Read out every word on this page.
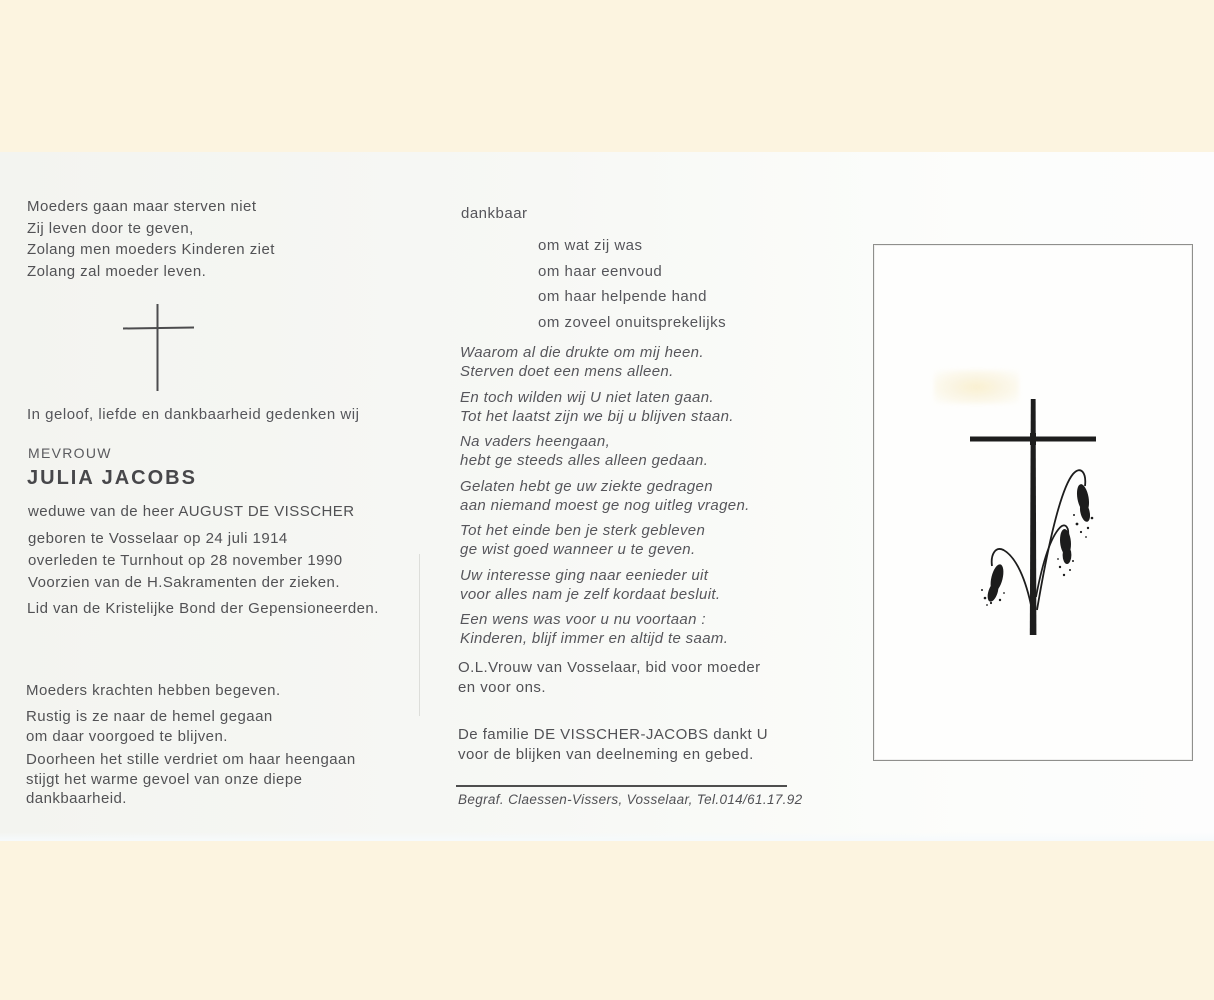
Moeders gaan maar sterven niet
Zij leven door te geven,
Zolang men moeders Kinderen ziet
Zolang zal moeder leven.
In geloof, liefde en dankbaarheid gedenken wij
MEVROUW
JULIA JACOBS
weduwe van de heer AUGUST DE VISSCHER
geboren te Vosselaar op 24 juli 1914
overleden te Turnhout op 28 november 1990
Voorzien van de H.Sakramenten der zieken.
Lid van de Kristelijke Bond der Gepensioneerden.
Moeders krachten hebben begeven.
Rustig is ze naar de hemel gegaan
om daar voorgoed te blijven.
Doorheen het stille verdriet om haar heengaan
stijgt het warme gevoel van onze diepe
dankbaarheid.
dankbaar
om wat zij was
om haar eenvoud
om haar helpende hand
om zoveel onuitsprekelijks
Waarom al die drukte om mij heen.
Sterven doet een mens alleen.
En toch wilden wij U niet laten gaan.
Tot het laatst zijn we bij u blijven staan.
Na vaders heengaan,
hebt ge steeds alles alleen gedaan.
Gelaten hebt ge uw ziekte gedragen
aan niemand moest ge nog uitleg vragen.
Tot het einde ben je sterk gebleven
ge wist goed wanneer u te geven.
Uw interesse ging naar eenieder uit
voor alles nam je zelf kordaat besluit.
Een wens was voor u nu voortaan :
Kinderen, blijf immer en altijd te saam.
O.L.Vrouw van Vosselaar, bid voor moeder
en voor ons.
De familie DE VISSCHER-JACOBS dankt U
voor de blijken van deelneming en gebed.
Begraf. Claessen-Vissers, Vosselaar, Tel.014/61.17.92
